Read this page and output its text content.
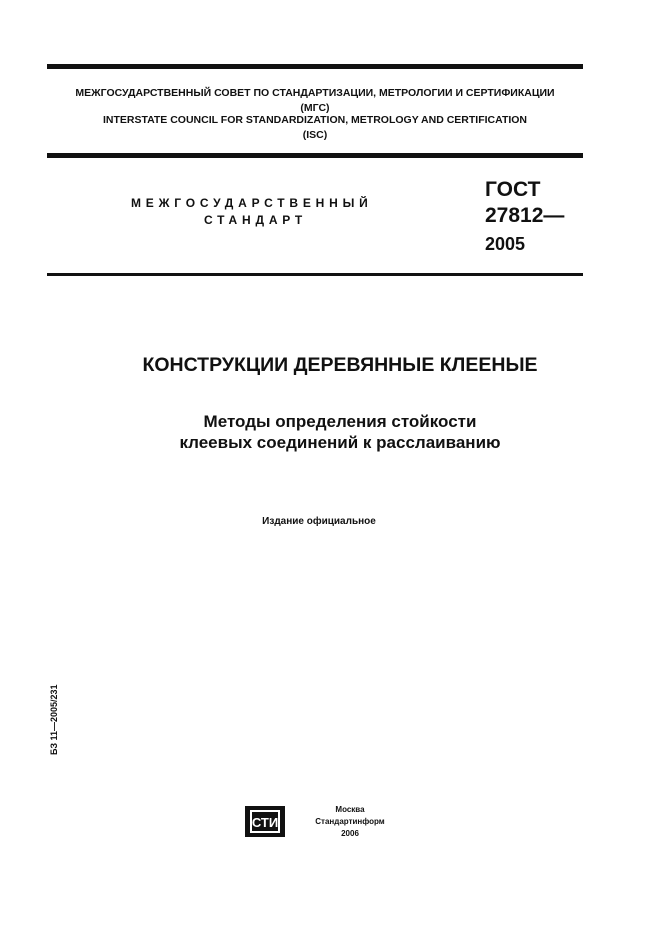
МЕЖГОСУДАРСТВЕННЫЙ СОВЕТ ПО СТАНДАРТИЗАЦИИ, МЕТРОЛОГИИ И СЕРТИФИКАЦИИ
(МГС)
INTERSTATE COUNCIL FOR STANDARDIZATION, METROLOGY AND CERTIFICATION
(ISC)
МЕЖГОСУДАРСТВЕННЫЙ
СТАНДАРТ
ГОСТ
27812—
2005
КОНСТРУКЦИИ ДЕРЕВЯННЫЕ КЛЕЕНЫЕ
Методы определения стойкости
клеевых соединений к расслаиванию
Издание официальное
БЗ 11—2005/231
СТИ
Москва
Стандартинформ
2006
